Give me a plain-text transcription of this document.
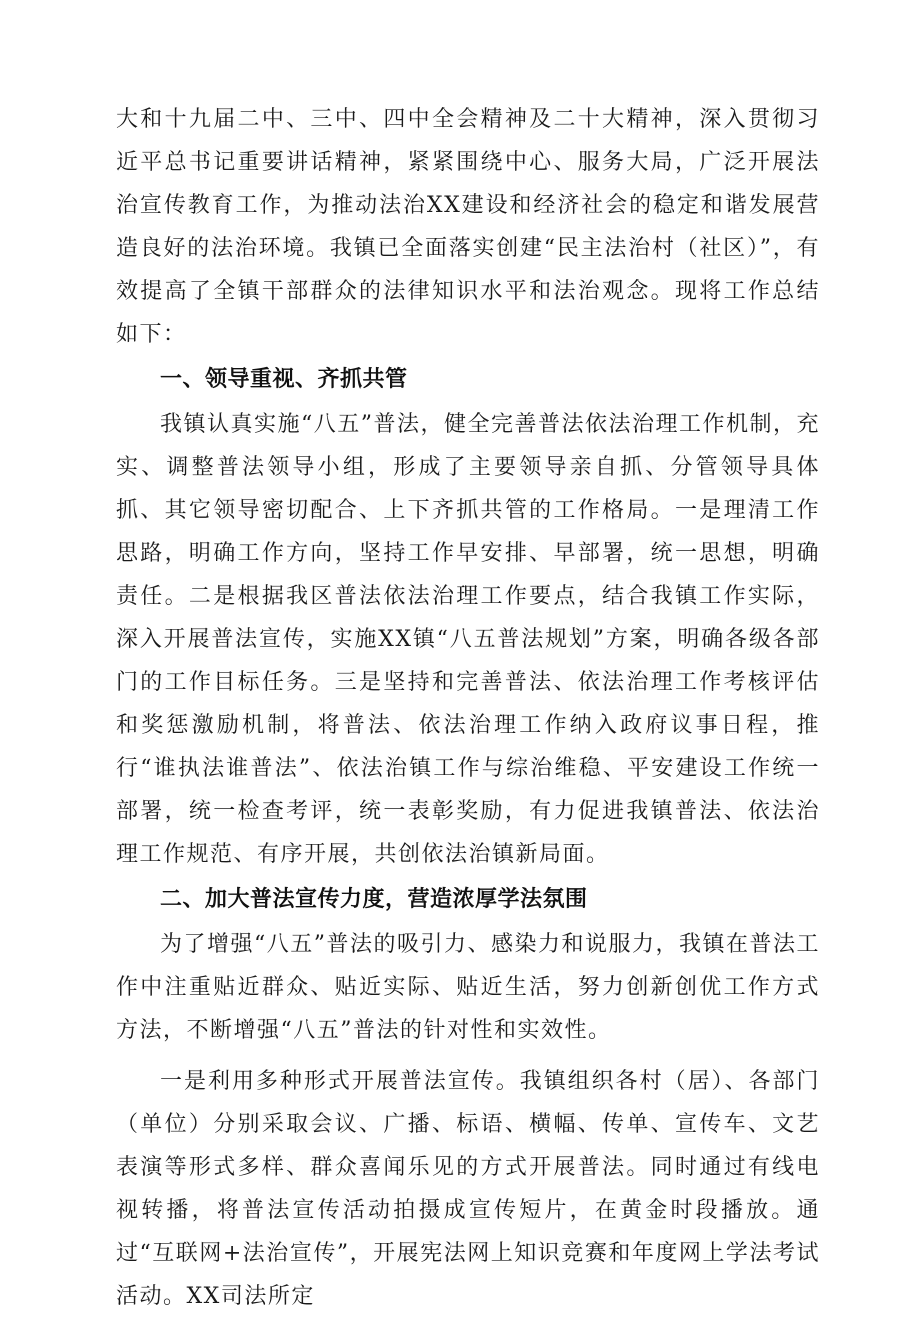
大和十九届二中、三中、四中全会精神及二十大精神，深入贯彻习近平总书记重要讲话精神，紧紧围绕中心、服务大局，广泛开展法治宣传教育工作，为推动法治XX建设和经济社会的稳定和谐发展营造良好的法治环境。我镇已全面落实创建“民主法治村（社区）”，有效提高了全镇干部群众的法律知识水平和法治观念。现将工作总结如下：

一、领导重视、齐抓共管

我镇认真实施“八五”普法，健全完善普法依法治理工作机制，充实、调整普法领导小组，形成了主要领导亲自抓、分管领导具体抓、其它领导密切配合、上下齐抓共管的工作格局。一是理清工作思路，明确工作方向，坚持工作早安排、早部署，统一思想，明确责任。二是根据我区普法依法治理工作要点，结合我镇工作实际，深入开展普法宣传，实施XX镇“八五普法规划”方案，明确各级各部门的工作目标任务。三是坚持和完善普法、依法治理工作考核评估和奖惩激励机制，将普法、依法治理工作纳入政府议事日程，推行“谁执法谁普法”、依法治镇工作与综治维稳、平安建设工作统一部署，统一检查考评，统一表彰奖励，有力促进我镇普法、依法治理工作规范、有序开展，共创依法治镇新局面。

二、加大普法宣传力度，营造浓厚学法氛围

为了增强“八五”普法的吸引力、感染力和说服力，我镇在普法工作中注重贴近群众、贴近实际、贴近生活，努力创新创优工作方式方法，不断增强“八五”普法的针对性和实效性。

一是利用多种形式开展普法宣传。我镇组织各村（居）、各部门（单位）分别采取会议、广播、标语、横幅、传单、宣传车、文艺表演等形式多样、群众喜闻乐见的方式开展普法。同时通过有线电视转播，将普法宣传活动拍摄成宣传短片，在黄金时段播放。通过“互联网+法治宣传”，开展宪法网上知识竞赛和年度网上学法考试活动。XX司法所定
